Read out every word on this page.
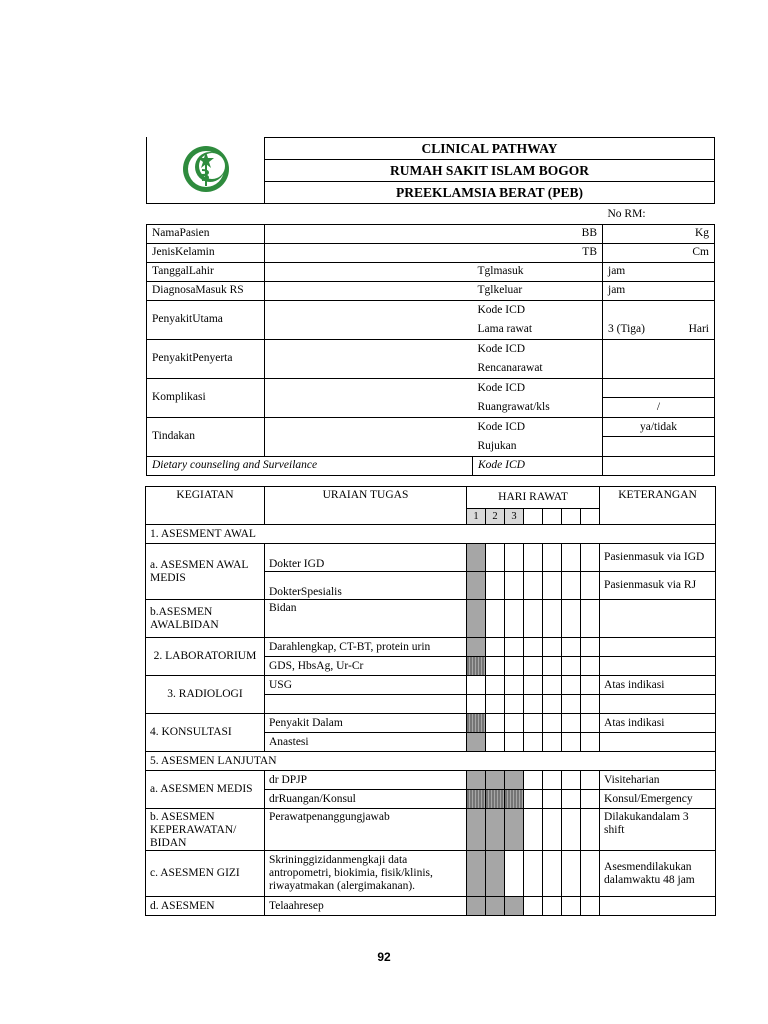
	CLINICAL PATHWAY
RUMAH SAKIT ISLAM BOGOR
PREEKLAMSIA BERAT (PEB)
			No RM:
NamaPasien	BB		Kg
JenisKelamin	TB		Cm
TanggalLahir		Tglmasuk	jam
DiagnosaMasuk RS		Tglkeluar	jam
PenyakitUtama		Kode ICD
Lama rawat	3 (Tiga) Hari

PenyakitPenyerta		Kode ICD
Rencanarawat	

Komplikasi		Kode ICD
Ruangrawat/kls	/

Tindakan		Kode ICD
Rujukan	ya/tidak

Dietary counseling and Surveilance		Kode ICD	
KEGIATAN	URAIAN TUGAS	HARI RAWAT							KETERANGAN
		1	2	3					
1. ASESMENT AWAL									
a. ASESMEN AWAL MEDIS	Dokter IGD								Pasienmasuk via IGD
	DokterSpesialis								Pasienmasuk via RJ
b.ASESMEN AWALBIDAN	Bidan								
2. LABORATORIUM	Darahlengkap, CT-BT, protein urin								
	GDS, HbsAg, Ur-Cr								
3. RADIOLOGI	USG								Atas indikasi

4. KONSULTASI	Penyakit Dalam								Atas indikasi
	Anastesi								
5. ASESMEN LANJUTAN									
a. ASESMEN MEDIS	dr DPJP								Visiteharian
	drRuangan/Konsul								Konsul/Emergency
b. ASESMEN KEPERAWATAN/ BIDAN	Perawatpenanggungjawab								Dilakukandalam 3 shift
c. ASESMEN GIZI	Skrininggizidanmengkaji data antropometri, biokimia, fisik/klinis, riwayatmakan (alergimakanan).								Asesmendilakukan dalamwaktu 48 jam
d. ASESMEN	Telaahresep								
92
